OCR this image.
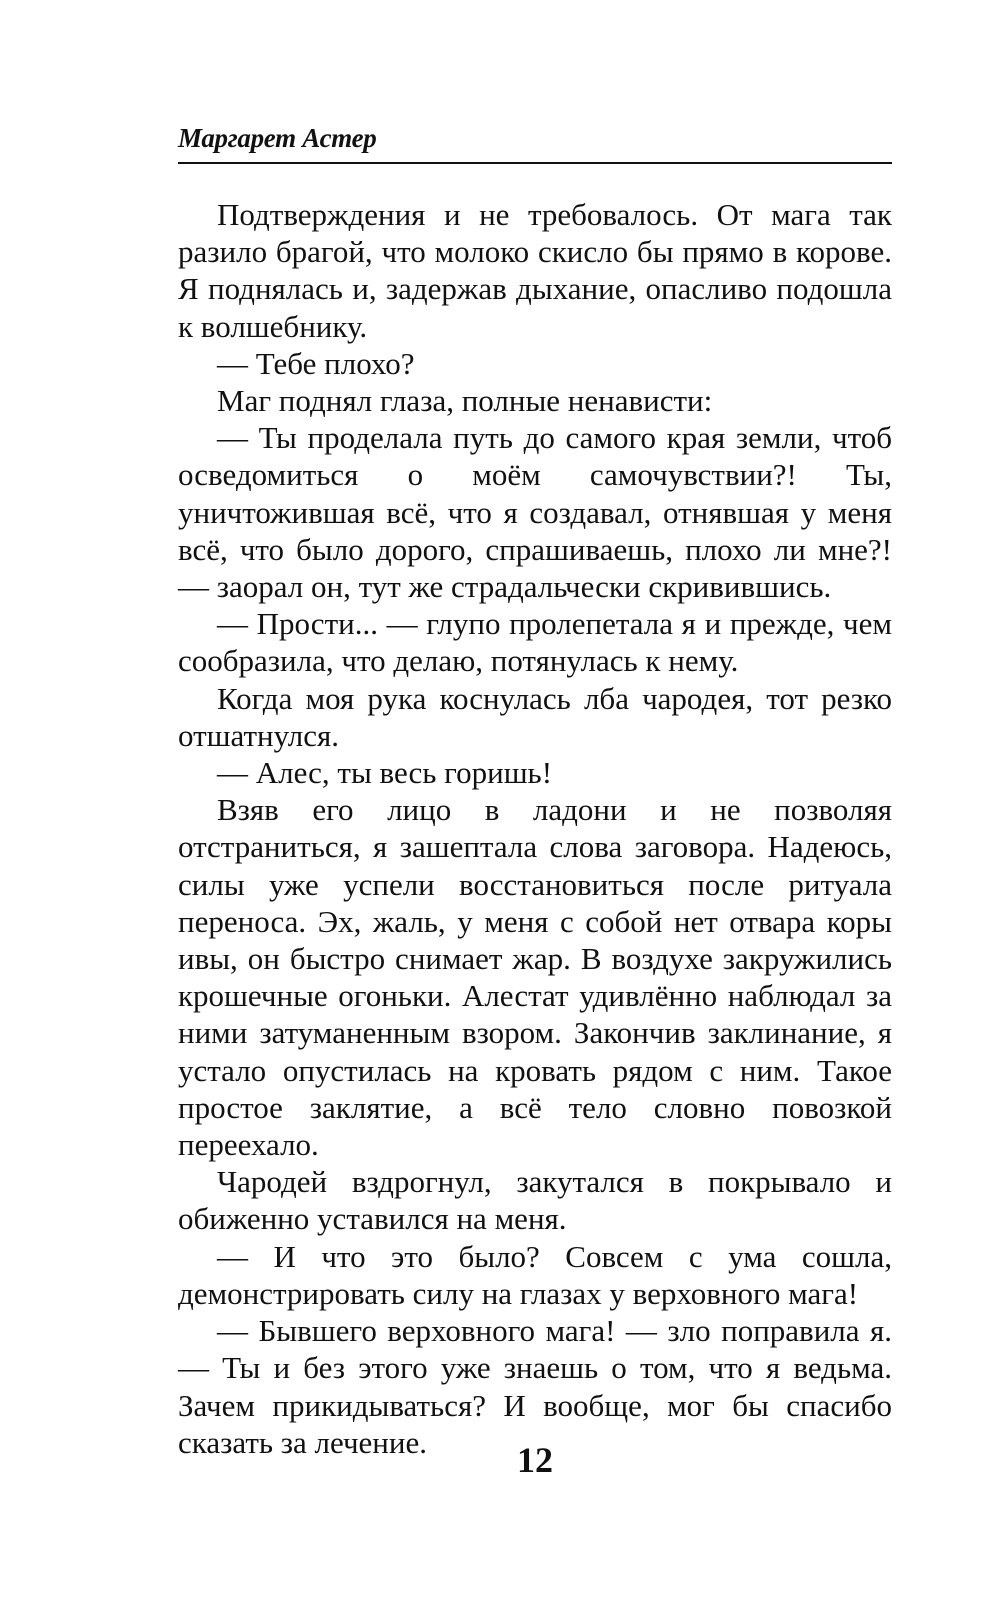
Маргарет Астер

Подтверждения и не требовалось. От мага так разило брагой, что молоко скисло бы прямо в корове. Я поднялась и, задержав дыхание, опасливо подошла к волшебнику.

— Тебе плохо?

Маг поднял глаза, полные ненависти:

— Ты проделала путь до самого края земли, чтоб осведомиться о моём самочувствии?! Ты, уничтожившая всё, что я создавал, отнявшая у меня всё, что было дорого, спрашиваешь, плохо ли мне?! — заорал он, тут же страдальчески скривившись.

— Прости... — глупо пролепетала я и прежде, чем сообразила, что делаю, потянулась к нему.

Когда моя рука коснулась лба чародея, тот резко отшатнулся.

— Алес, ты весь горишь!

Взяв его лицо в ладони и не позволяя отстраниться, я зашептала слова заговора. Надеюсь, силы уже успели восстановиться после ритуала переноса. Эх, жаль, у меня с собой нет отвара коры ивы, он быстро снимает жар. В воздухе закружились крошечные огоньки. Алестат удивлённо наблюдал за ними затуманенным взором. Закончив заклинание, я устало опустилась на кровать рядом с ним. Такое простое заклятие, а всё тело словно повозкой переехало.

Чародей вздрогнул, закутался в покрывало и обиженно уставился на меня.

— И что это было? Совсем с ума сошла, демонстрировать силу на глазах у верховного мага!

— Бывшего верховного мага! — зло поправила я. — Ты и без этого уже знаешь о том, что я ведьма. Зачем прикидываться? И вообще, мог бы спасибо сказать за лечение.	12
